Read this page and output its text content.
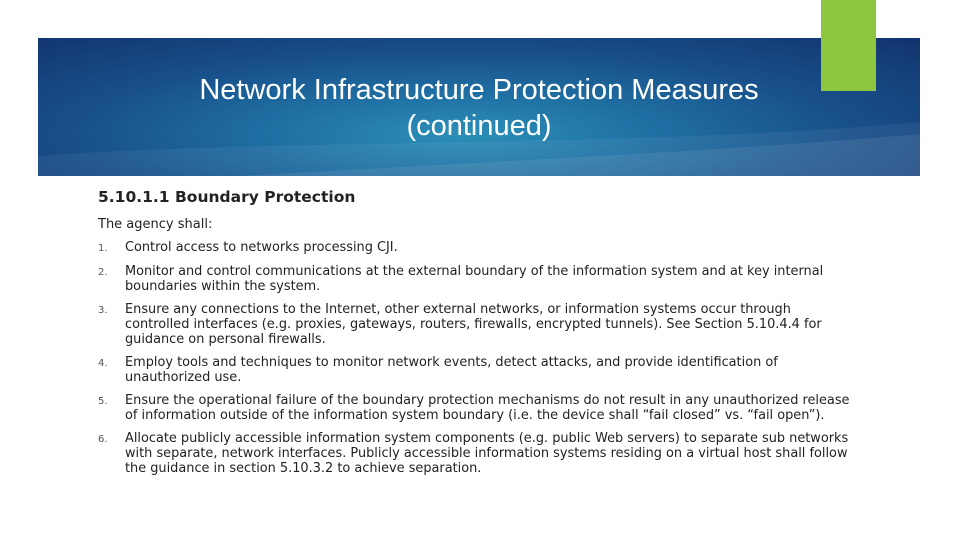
Network Infrastructure Protection Measures
(continued)
5.10.1.1 Boundary Protection
The agency shall:
1.	Control access to networks processing CJI.
2.	Monitor and control communications at the external boundary of the information system and at key internal boundaries within the system.
3.	Ensure any connections to the Internet, other external networks, or information systems occur through controlled interfaces (e.g. proxies, gateways, routers, firewalls, encrypted tunnels). See Section 5.10.4.4 for guidance on personal firewalls.
4.	Employ tools and techniques to monitor network events, detect attacks, and provide identification of unauthorized use.
5.	Ensure the operational failure of the boundary protection mechanisms do not result in any unauthorized release of information outside of the information system boundary (i.e. the device shall “fail closed” vs. “fail open”).
6.	Allocate publicly accessible information system components (e.g. public Web servers) to separate sub networks with separate, network interfaces. Publicly accessible information systems residing on a virtual host shall follow the guidance in section 5.10.3.2 to achieve separation.
